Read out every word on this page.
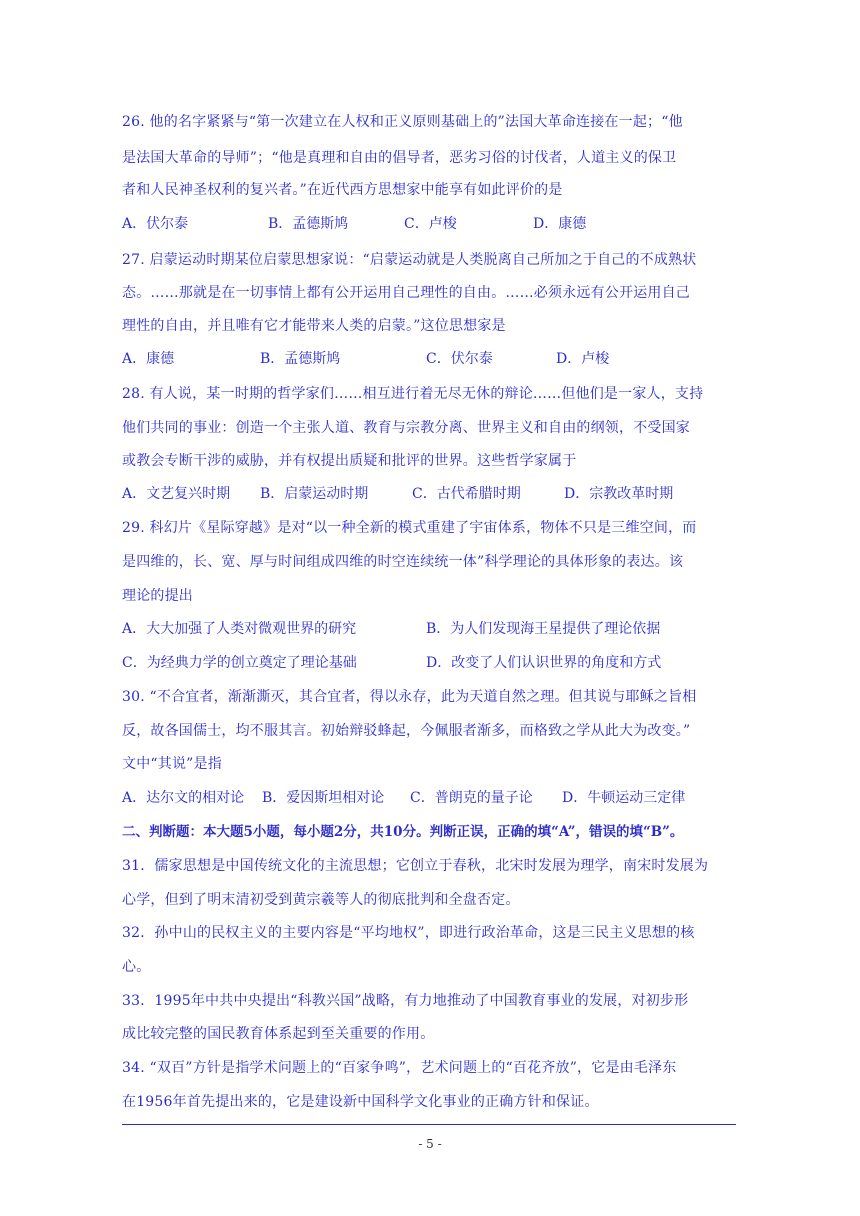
26. 他的名字紧紧与“第一次建立在人权和正义原则基础上的”法国大革命连接在一起；“他
是法国大革命的导师”；“他是真理和自由的倡导者，恶劣习俗的讨伐者，人道主义的保卫
者和人民神圣权利的复兴者。”在近代西方思想家中能享有如此评价的是
A．伏尔泰	B．孟德斯鸠	C．卢梭	D．康德
27. 启蒙运动时期某位启蒙思想家说：“启蒙运动就是人类脱离自己所加之于自己的不成熟状
态。……那就是在一切事情上都有公开运用自己理性的自由。……必须永远有公开运用自己
理性的自由，并且唯有它才能带来人类的启蒙。”这位思想家是
A．康德	B．孟德斯鸠	C．伏尔泰	D．卢梭
28. 有人说，某一时期的哲学家们……相互进行着无尽无休的辩论……但他们是一家人，支持
他们共同的事业：创造一个主张人道、教育与宗教分离、世界主义和自由的纲领，不受国家
或教会专断干涉的威胁，并有权提出质疑和批评的世界。这些哲学家属于
A．文艺复兴时期 B．启蒙运动时期	C．古代希腊时期	D．宗教改革时期
29. 科幻片《星际穿越》是对“以一种全新的模式重建了宇宙体系，物体不只是三维空间，而
是四维的，长、宽、厚与时间组成四维的时空连续统一体”科学理论的具体形象的表达。该
理论的提出
A．大大加强了人类对微观世界的研究	B．为人们发现海王星提供了理论依据
C．为经典力学的创立奠定了理论基础	D．改变了人们认识世界的角度和方式
30. “不合宜者，渐渐澌灭，其合宜者，得以永存，此为天道自然之理。但其说与耶稣之旨相
反，故各国儒士，均不服其言。初始辩驳蜂起，今佩服者渐多，而格致之学从此大为改变。”
文中“其说”是指
A．达尔文的相对论 B．爱因斯坦相对论 C．普朗克的量子论 D．牛顿运动三定律
二、判断题：本大题5小题，每小题2分，共10分。判断正误，正确的填“A”，错误的填“B”。
31．儒家思想是中国传统文化的主流思想；它创立于春秋，北宋时发展为理学，南宋时发展为
心学，但到了明末清初受到黄宗羲等人的彻底批判和全盘否定。
32．孙中山的民权主义的主要内容是“平均地权”，即进行政治革命，这是三民主义思想的核
心。
33．1995年中共中央提出“科教兴国”战略，有力地推动了中国教育事业的发展，对初步形
成比较完整的国民教育体系起到至关重要的作用。
34. “双百”方针是指学术问题上的“百家争鸣”，艺术问题上的“百花齐放”，它是由毛泽东
在1956年首先提出来的，它是建设新中国科学文化事业的正确方针和保证。
- 5 -
